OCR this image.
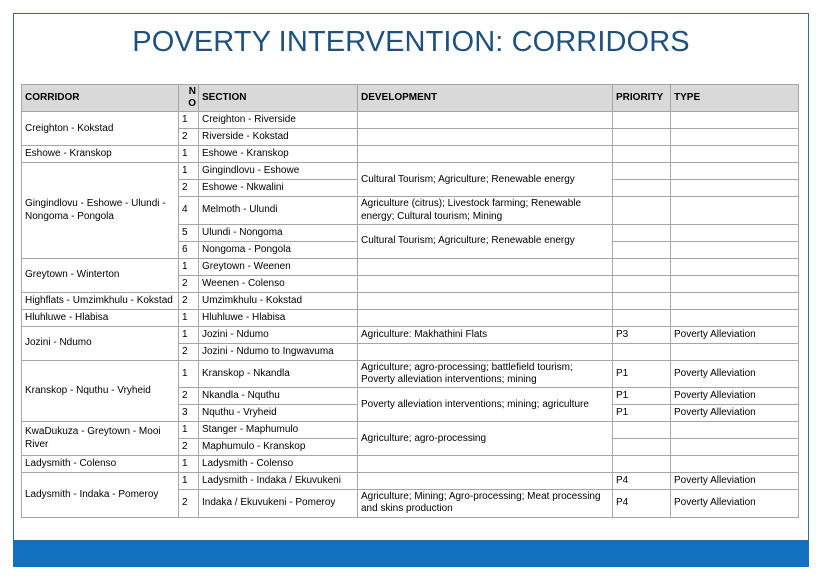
POVERTY INTERVENTION: CORRIDORS
CORRIDOR	NO	SECTION	DEVELOPMENT	PRIORITY	TYPE
Creighton - Kokstad	1	Creighton - Riverside			
	2	Riverside - Kokstad			
Eshowe - Kranskop	1	Eshowe - Kranskop			
Gingindlovu - Eshowe - Ulundi - Nongoma - Pongola	1	Gingindlovu - Eshowe	Cultural Tourism; Agriculture; Renewable energy		
	2	Eshowe - Nkwalini			
	4	Melmoth - Ulundi	Agriculture (citrus); Livestock farming; Renewable energy; Cultural tourism; Mining		
	5	Ulundi - Nongoma	Cultural Tourism; Agriculture; Renewable energy		
	6	Nongoma - Pongola			
Greytown - Winterton	1	Greytown - Weenen			
	2	Weenen - Colenso			
Highflats - Umzimkhulu - Kokstad	2	Umzimkhulu - Kokstad			
Hluhluwe - Hlabisa	1	Hluhluwe - Hlabisa			
Jozini - Ndumo	1	Jozini - Ndumo	Agriculture: Makhathini Flats	P3	Poverty Alleviation
	2	Jozini - Ndumo to Ingwavuma			
Kranskop - Nquthu - Vryheid	1	Kranskop - Nkandla	Agriculture; agro-processing; battlefield tourism; Poverty alleviation interventions; mining	P1	Poverty Alleviation
	2	Nkandla - Nquthu	Poverty alleviation interventions; mining; agriculture	P1	Poverty Alleviation
	3	Nquthu - Vryheid		P1	Poverty Alleviation
KwaDukuza - Greytown - Mooi River	1	Stanger - Maphumulo	Agriculture; agro-processing		
	2	Maphumulo - Kranskop			
Ladysmith - Colenso	1	Ladysmith - Colenso			
Ladysmith - Indaka - Pomeroy	1	Ladysmith - Indaka / Ekuvukeni		P4	Poverty Alleviation
	2	Indaka / Ekuvukeni - Pomeroy	Agriculture; Mining; Agro-processing; Meat processing and skins production	P4	Poverty Alleviation
